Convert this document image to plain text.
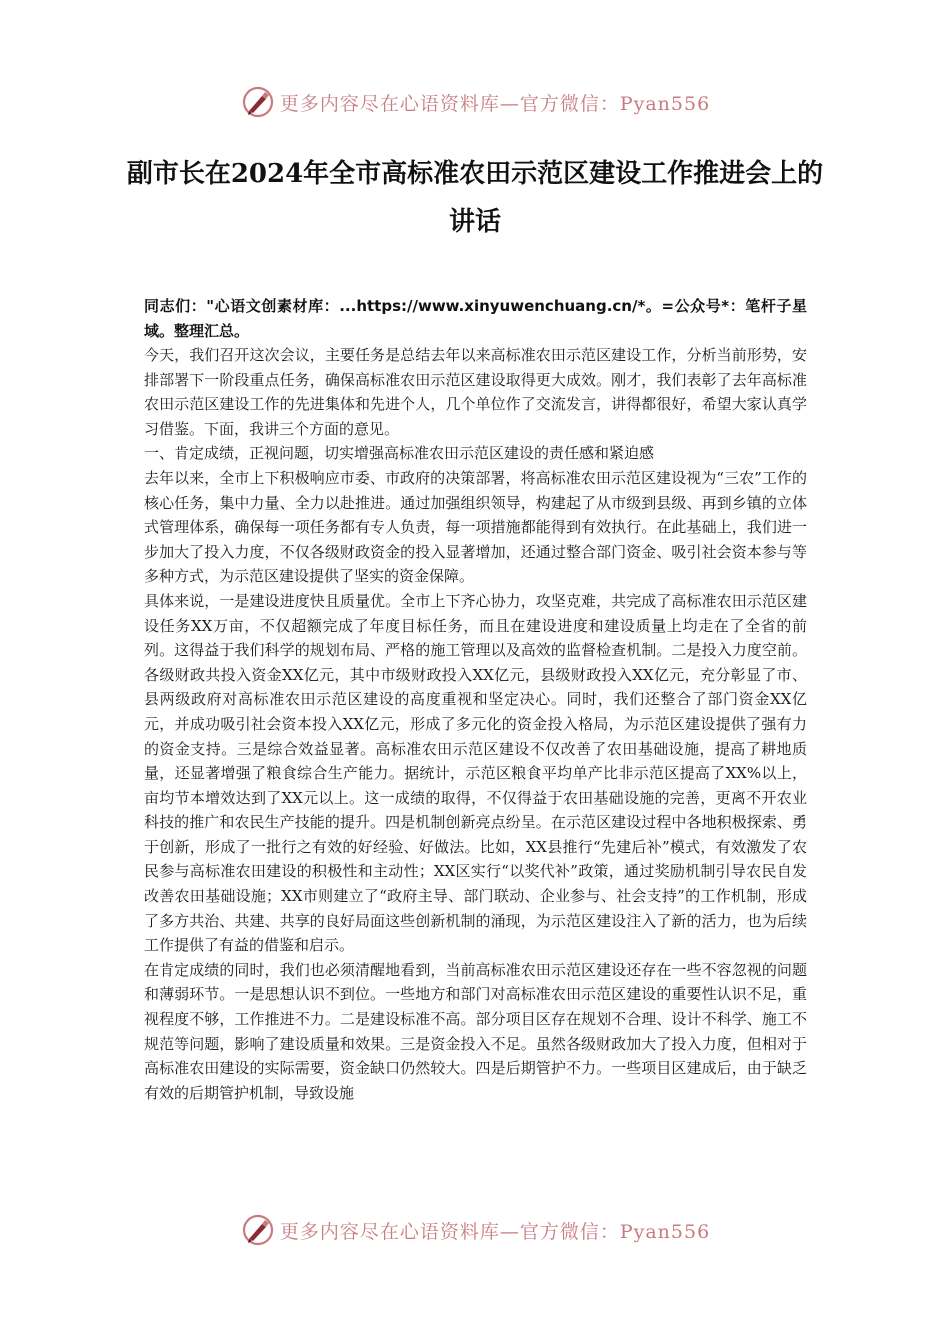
更多内容尽在心语资料库—官方微信：Pyan556
副市长在2024年全市高标准农田示范区建设工作推进会上的讲话

同志们："心语文创素材库：...https://www.xinyuwenchuang.cn/*。=公众号*：笔杆子星域。整理汇总。

今天，我们召开这次会议，主要任务是总结去年以来高标准农田示范区建设工作，分析当前形势，安排部署下一阶段重点任务，确保高标准农田示范区建设取得更大成效。刚才，我们表彰了去年高标准农田示范区建设工作的先进集体和先进个人，几个单位作了交流发言，讲得都很好，希望大家认真学习借鉴。下面，我讲三个方面的意见。

一、肯定成绩，正视问题，切实增强高标准农田示范区建设的责任感和紧迫感

去年以来，全市上下积极响应市委、市政府的决策部署，将高标准农田示范区建设视为“三农”工作的核心任务，集中力量、全力以赴推进。通过加强组织领导，构建起了从市级到县级、再到乡镇的立体式管理体系，确保每一项任务都有专人负责，每一项措施都能得到有效执行。在此基础上，我们进一步加大了投入力度，不仅各级财政资金的投入显著增加，还通过整合部门资金、吸引社会资本参与等多种方式，为示范区建设提供了坚实的资金保障。

具体来说，一是建设进度快且质量优。全市上下齐心协力，攻坚克难，共完成了高标准农田示范区建设任务XX万亩，不仅超额完成了年度目标任务，而且在建设进度和建设质量上均走在了全省的前列。这得益于我们科学的规划布局、严格的施工管理以及高效的监督检查机制。二是投入力度空前。各级财政共投入资金XX亿元，其中市级财政投入XX亿元，县级财政投入XX亿元，充分彰显了市、县两级政府对高标准农田示范区建设的高度重视和坚定决心。同时，我们还整合了部门资金XX亿元，并成功吸引社会资本投入XX亿元，形成了多元化的资金投入格局，为示范区建设提供了强有力的资金支持。三是综合效益显著。高标准农田示范区建设不仅改善了农田基础设施，提高了耕地质量，还显著增强了粮食综合生产能力。据统计，示范区粮食平均单产比非示范区提高了XX%以上，亩均节本增效达到了XX元以上。这一成绩的取得，不仅得益于农田基础设施的完善，更离不开农业科技的推广和农民生产技能的提升。四是机制创新亮点纷呈。在示范区建设过程中各地积极探索、勇于创新，形成了一批行之有效的好经验、好做法。比如，XX县推行“先建后补”模式，有效激发了农民参与高标准农田建设的积极性和主动性；XX区实行“以奖代补”政策，通过奖励机制引导农民自发改善农田基础设施；XX市则建立了“政府主导、部门联动、企业参与、社会支持”的工作机制，形成了多方共治、共建、共享的良好局面这些创新机制的涌现，为示范区建设注入了新的活力，也为后续工作提供了有益的借鉴和启示。

在肯定成绩的同时，我们也必须清醒地看到，当前高标准农田示范区建设还存在一些不容忽视的问题和薄弱环节。一是思想认识不到位。一些地方和部门对高标准农田示范区建设的重要性认识不足，重视程度不够，工作推进不力。二是建设标准不高。部分项目区存在规划不合理、设计不科学、施工不规范等问题，影响了建设质量和效果。三是资金投入不足。虽然各级财政加大了投入力度，但相对于高标准农田建设的实际需要，资金缺口仍然较大。四是后期管护不力。一些项目区建成后，由于缺乏有效的后期管护机制，导致设施

更多内容尽在心语资料库—官方微信：Pyan556
